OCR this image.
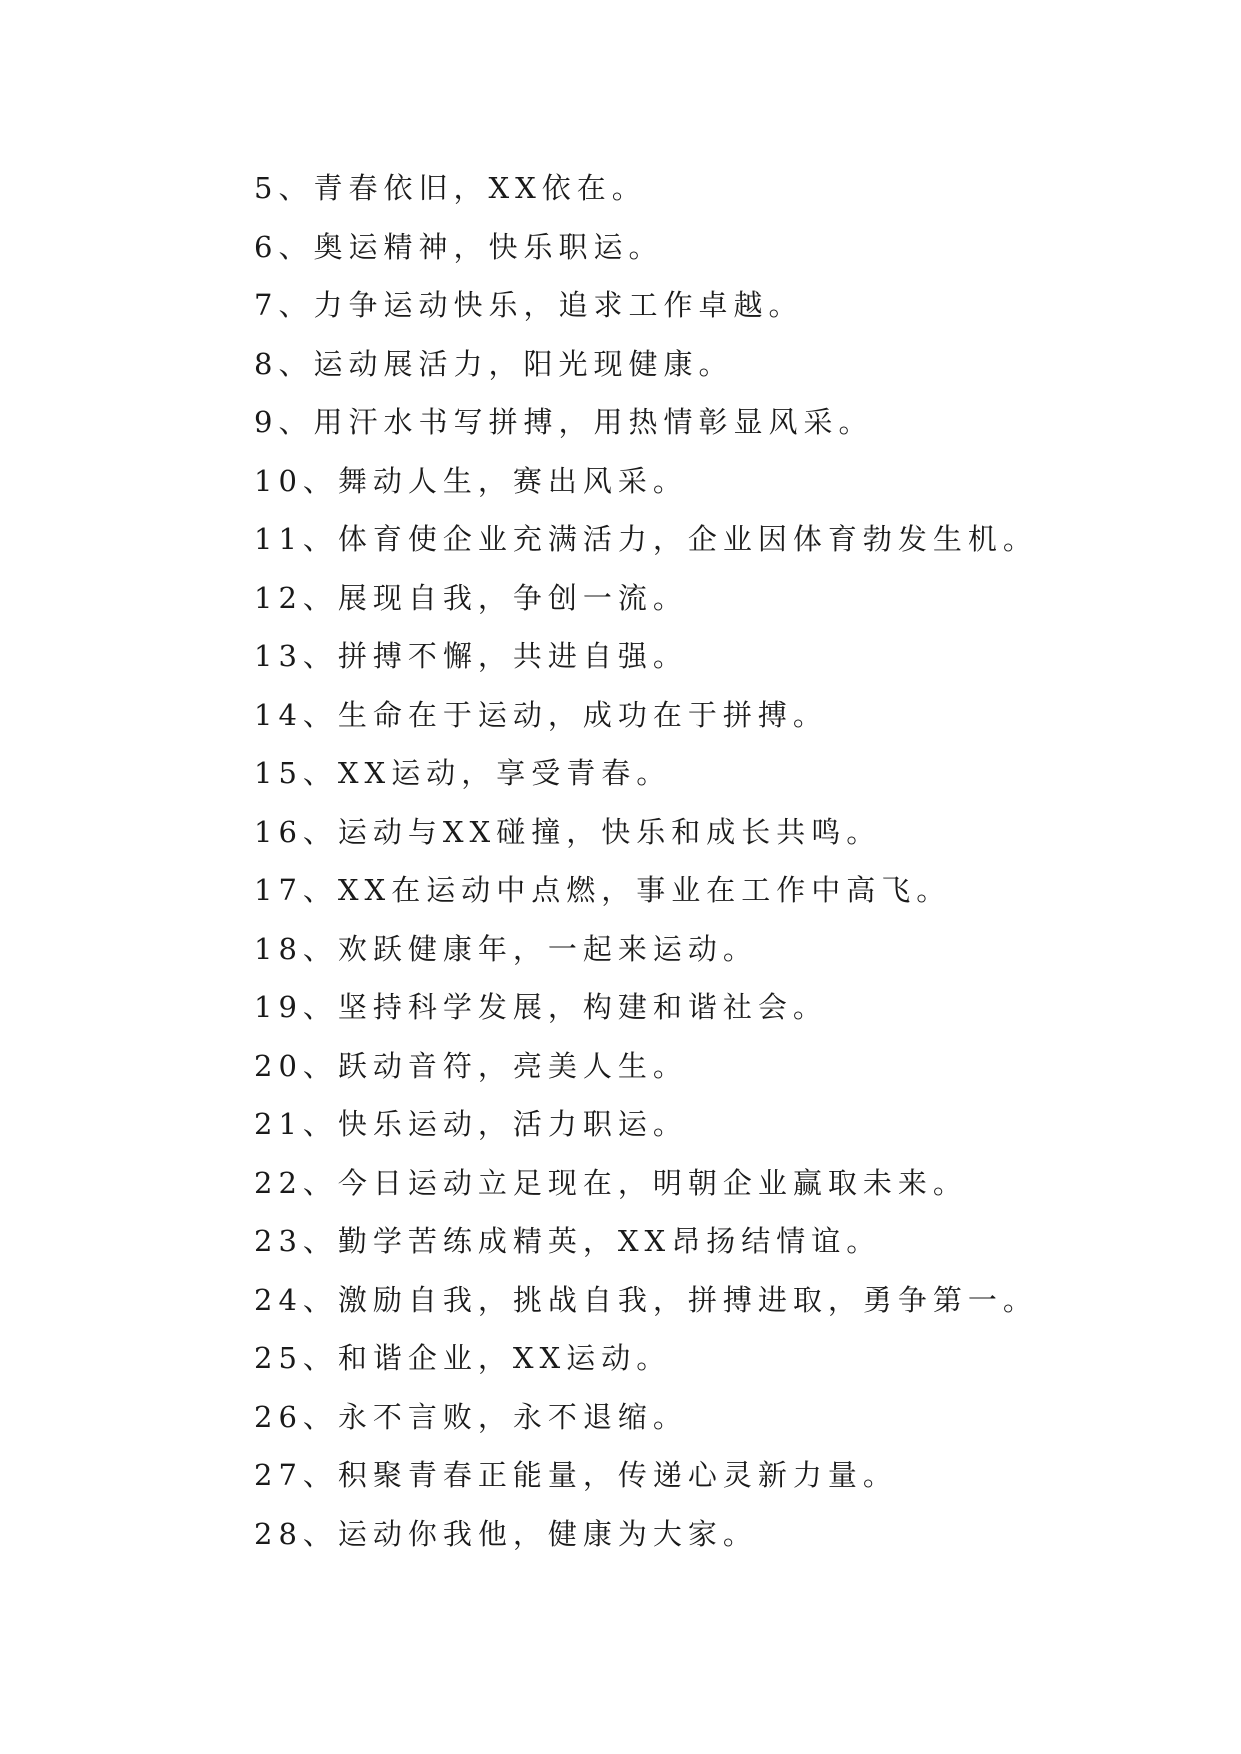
5、青春依旧，XX依在。
6、奥运精神，快乐职运。
7、力争运动快乐，追求工作卓越。
8、运动展活力，阳光现健康。
9、用汗水书写拼搏，用热情彰显风采。
10、舞动人生，赛出风采。
11、体育使企业充满活力，企业因体育勃发生机。
12、展现自我，争创一流。
13、拼搏不懈，共进自强。
14、生命在于运动，成功在于拼搏。
15、XX运动，享受青春。
16、运动与XX碰撞，快乐和成长共鸣。
17、XX在运动中点燃，事业在工作中高飞。
18、欢跃健康年，一起来运动。
19、坚持科学发展，构建和谐社会。
20、跃动音符，亮美人生。
21、快乐运动，活力职运。
22、今日运动立足现在，明朝企业赢取未来。
23、勤学苦练成精英，XX昂扬结情谊。
24、激励自我，挑战自我，拼搏进取，勇争第一。
25、和谐企业，XX运动。
26、永不言败，永不退缩。
27、积聚青春正能量，传递心灵新力量。
28、运动你我他，健康为大家。
